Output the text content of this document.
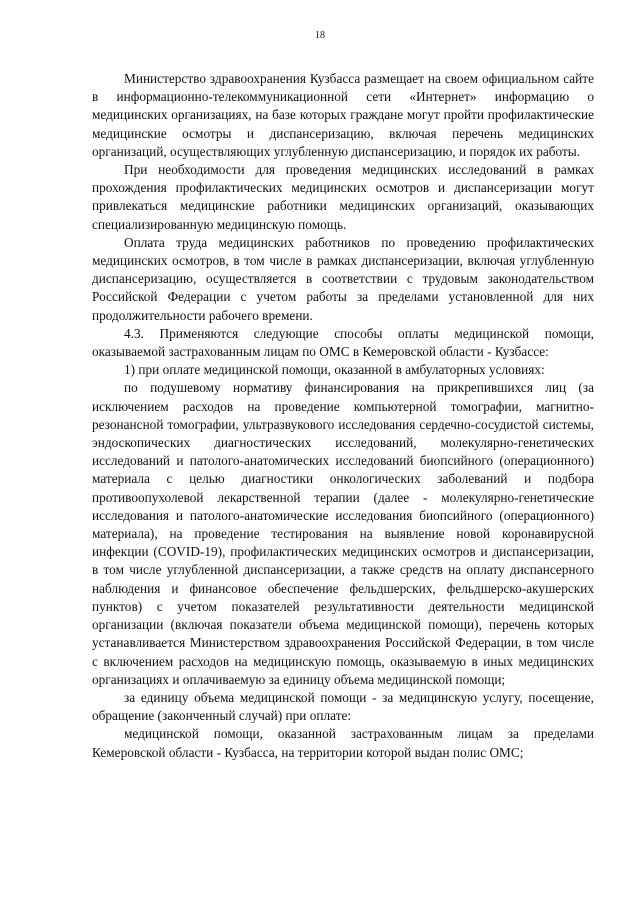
18

Министерство здравоохранения Кузбасса размещает на своем официальном сайте в информационно-телекоммуникационной сети «Интернет» информацию о медицинских организациях, на базе которых граждане могут пройти профилактические медицинские осмотры и диспансеризацию, включая перечень медицинских организаций, осуществляющих углубленную диспансеризацию, и порядок их работы.

При необходимости для проведения медицинских исследований в рамках прохождения профилактических медицинских осмотров и диспансеризации могут привлекаться медицинские работники медицинских организаций, оказывающих специализированную медицинскую помощь.

Оплата труда медицинских работников по проведению профилактических медицинских осмотров, в том числе в рамках диспансеризации, включая углубленную диспансеризацию, осуществляется в соответствии с трудовым законодательством Российской Федерации с учетом работы за пределами установленной для них продолжительности рабочего времени.

4.3. Применяются следующие способы оплаты медицинской помощи, оказываемой застрахованным лицам по ОМС в Кемеровской области - Кузбассе:

1) при оплате медицинской помощи, оказанной в амбулаторных условиях:

по подушевому нормативу финансирования на прикрепившихся лиц (за исключением расходов на проведение компьютерной томографии, магнитно-резонансной томографии, ультразвукового исследования сердечно-сосудистой системы, эндоскопических диагностических исследований, молекулярно-генетических исследований и патолого-анатомических исследований биопсийного (операционного) материала с целью диагностики онкологических заболеваний и подбора противоопухолевой лекарственной терапии (далее - молекулярно-генетические исследования и патолого-анатомические исследования биопсийного (операционного) материала), на проведение тестирования на выявление новой коронавирусной инфекции (COVID-19), профилактических медицинских осмотров и диспансеризации, в том числе углубленной диспансеризации, а также средств на оплату диспансерного наблюдения и финансовое обеспечение фельдшерских, фельдшерско-акушерских пунктов) с учетом показателей результативности деятельности медицинской организации (включая показатели объема медицинской помощи), перечень которых устанавливается Министерством здравоохранения Российской Федерации, в том числе с включением расходов на медицинскую помощь, оказываемую в иных медицинских организациях и оплачиваемую за единицу объема медицинской помощи;

за единицу объема медицинской помощи - за медицинскую услугу, посещение, обращение (законченный случай) при оплате:

медицинской помощи, оказанной застрахованным лицам за пределами Кемеровской области - Кузбасса, на территории которой выдан полис ОМС;
